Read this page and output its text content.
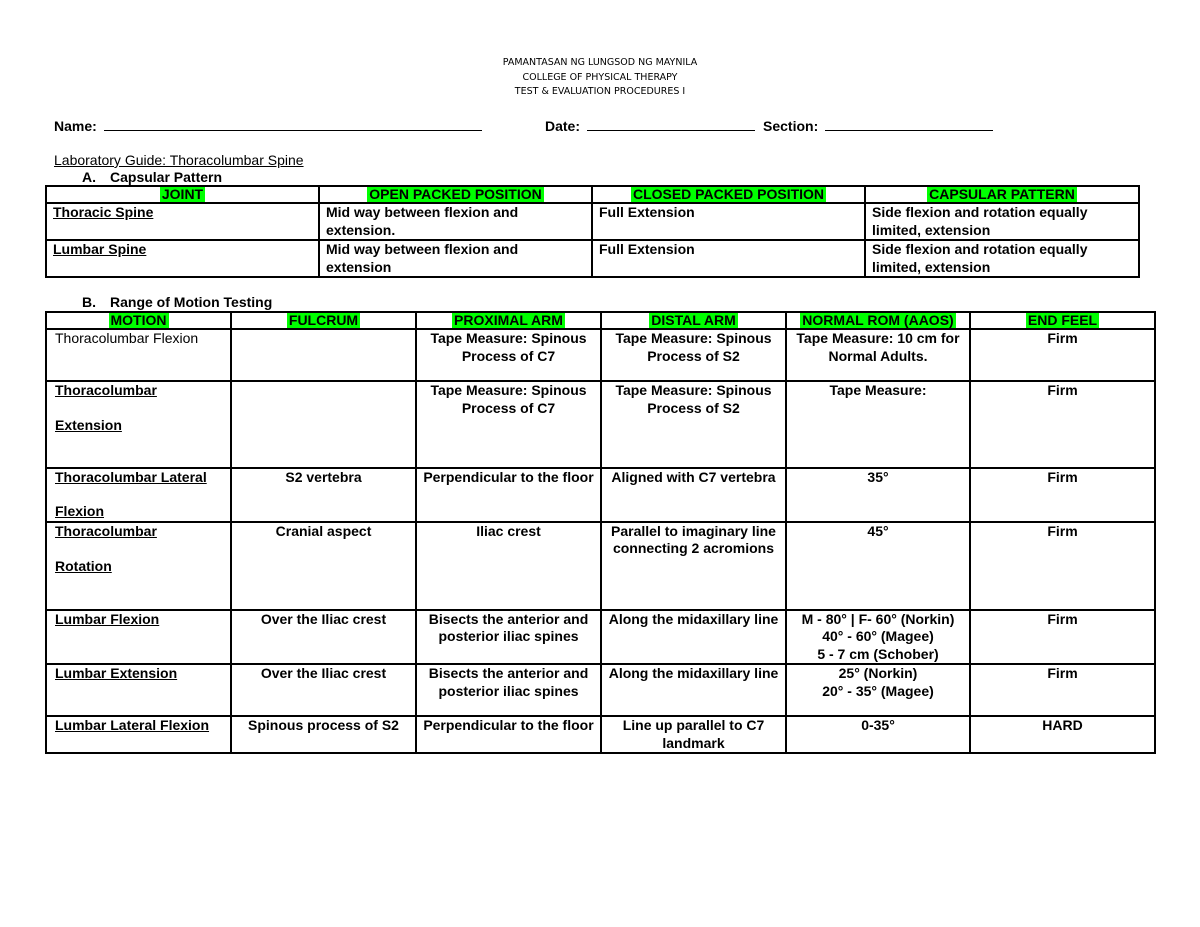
PAMANTASAN NG LUNGSOD NG MAYNILA
COLLEGE OF PHYSICAL THERAPY
TEST & EVALUATION PROCEDURES I
Name:	Date:	Section:
Laboratory Guide: Thoracolumbar Spine
A. Capsular Pattern
JOINT	OPEN PACKED POSITION	CLOSED PACKED POSITION	CAPSULAR PATTERN
Thoracic Spine	Mid way between flexion and extension.	Full Extension	Side flexion and rotation equally limited, extension
Lumbar Spine	Mid way between flexion and extension	Full Extension	Side flexion and rotation equally limited, extension
B. Range of Motion Testing
MOTION	FULCRUM	PROXIMAL ARM	DISTAL ARM	NORMAL ROM (AAOS)	END FEEL
Thoracolumbar Flexion		Tape Measure: Spinous Process of C7	Tape Measure: Spinous Process of S2	Tape Measure: 10 cm for Normal Adults.	Firm

Thoracolumbar
Extension		Tape Measure: Spinous Process of C7	Tape Measure: Spinous Process of S2	Tape Measure:	Firm

Thoracolumbar Lateral
Flexion	S2 vertebra	Perpendicular to the floor	Aligned with C7 vertebra	35°	Firm

Thoracolumbar
Rotation	Cranial aspect	Iliac crest	Parallel to imaginary line connecting 2 acromions	45°	Firm
Lumbar Flexion	Over the Iliac crest	Bisects the anterior and posterior iliac spines	Along the midaxillary line	M - 80° | F- 60° (Norkin)
40° - 60° (Magee)
5 - 7 cm (Schober)	Firm
Lumbar Extension	Over the Iliac crest	Bisects the anterior and posterior iliac spines	Along the midaxillary line	25° (Norkin)
20° - 35° (Magee)	Firm
Lumbar Lateral Flexion	Spinous process of S2	Perpendicular to the floor	Line up parallel to C7 landmark	0-35°	HARD
